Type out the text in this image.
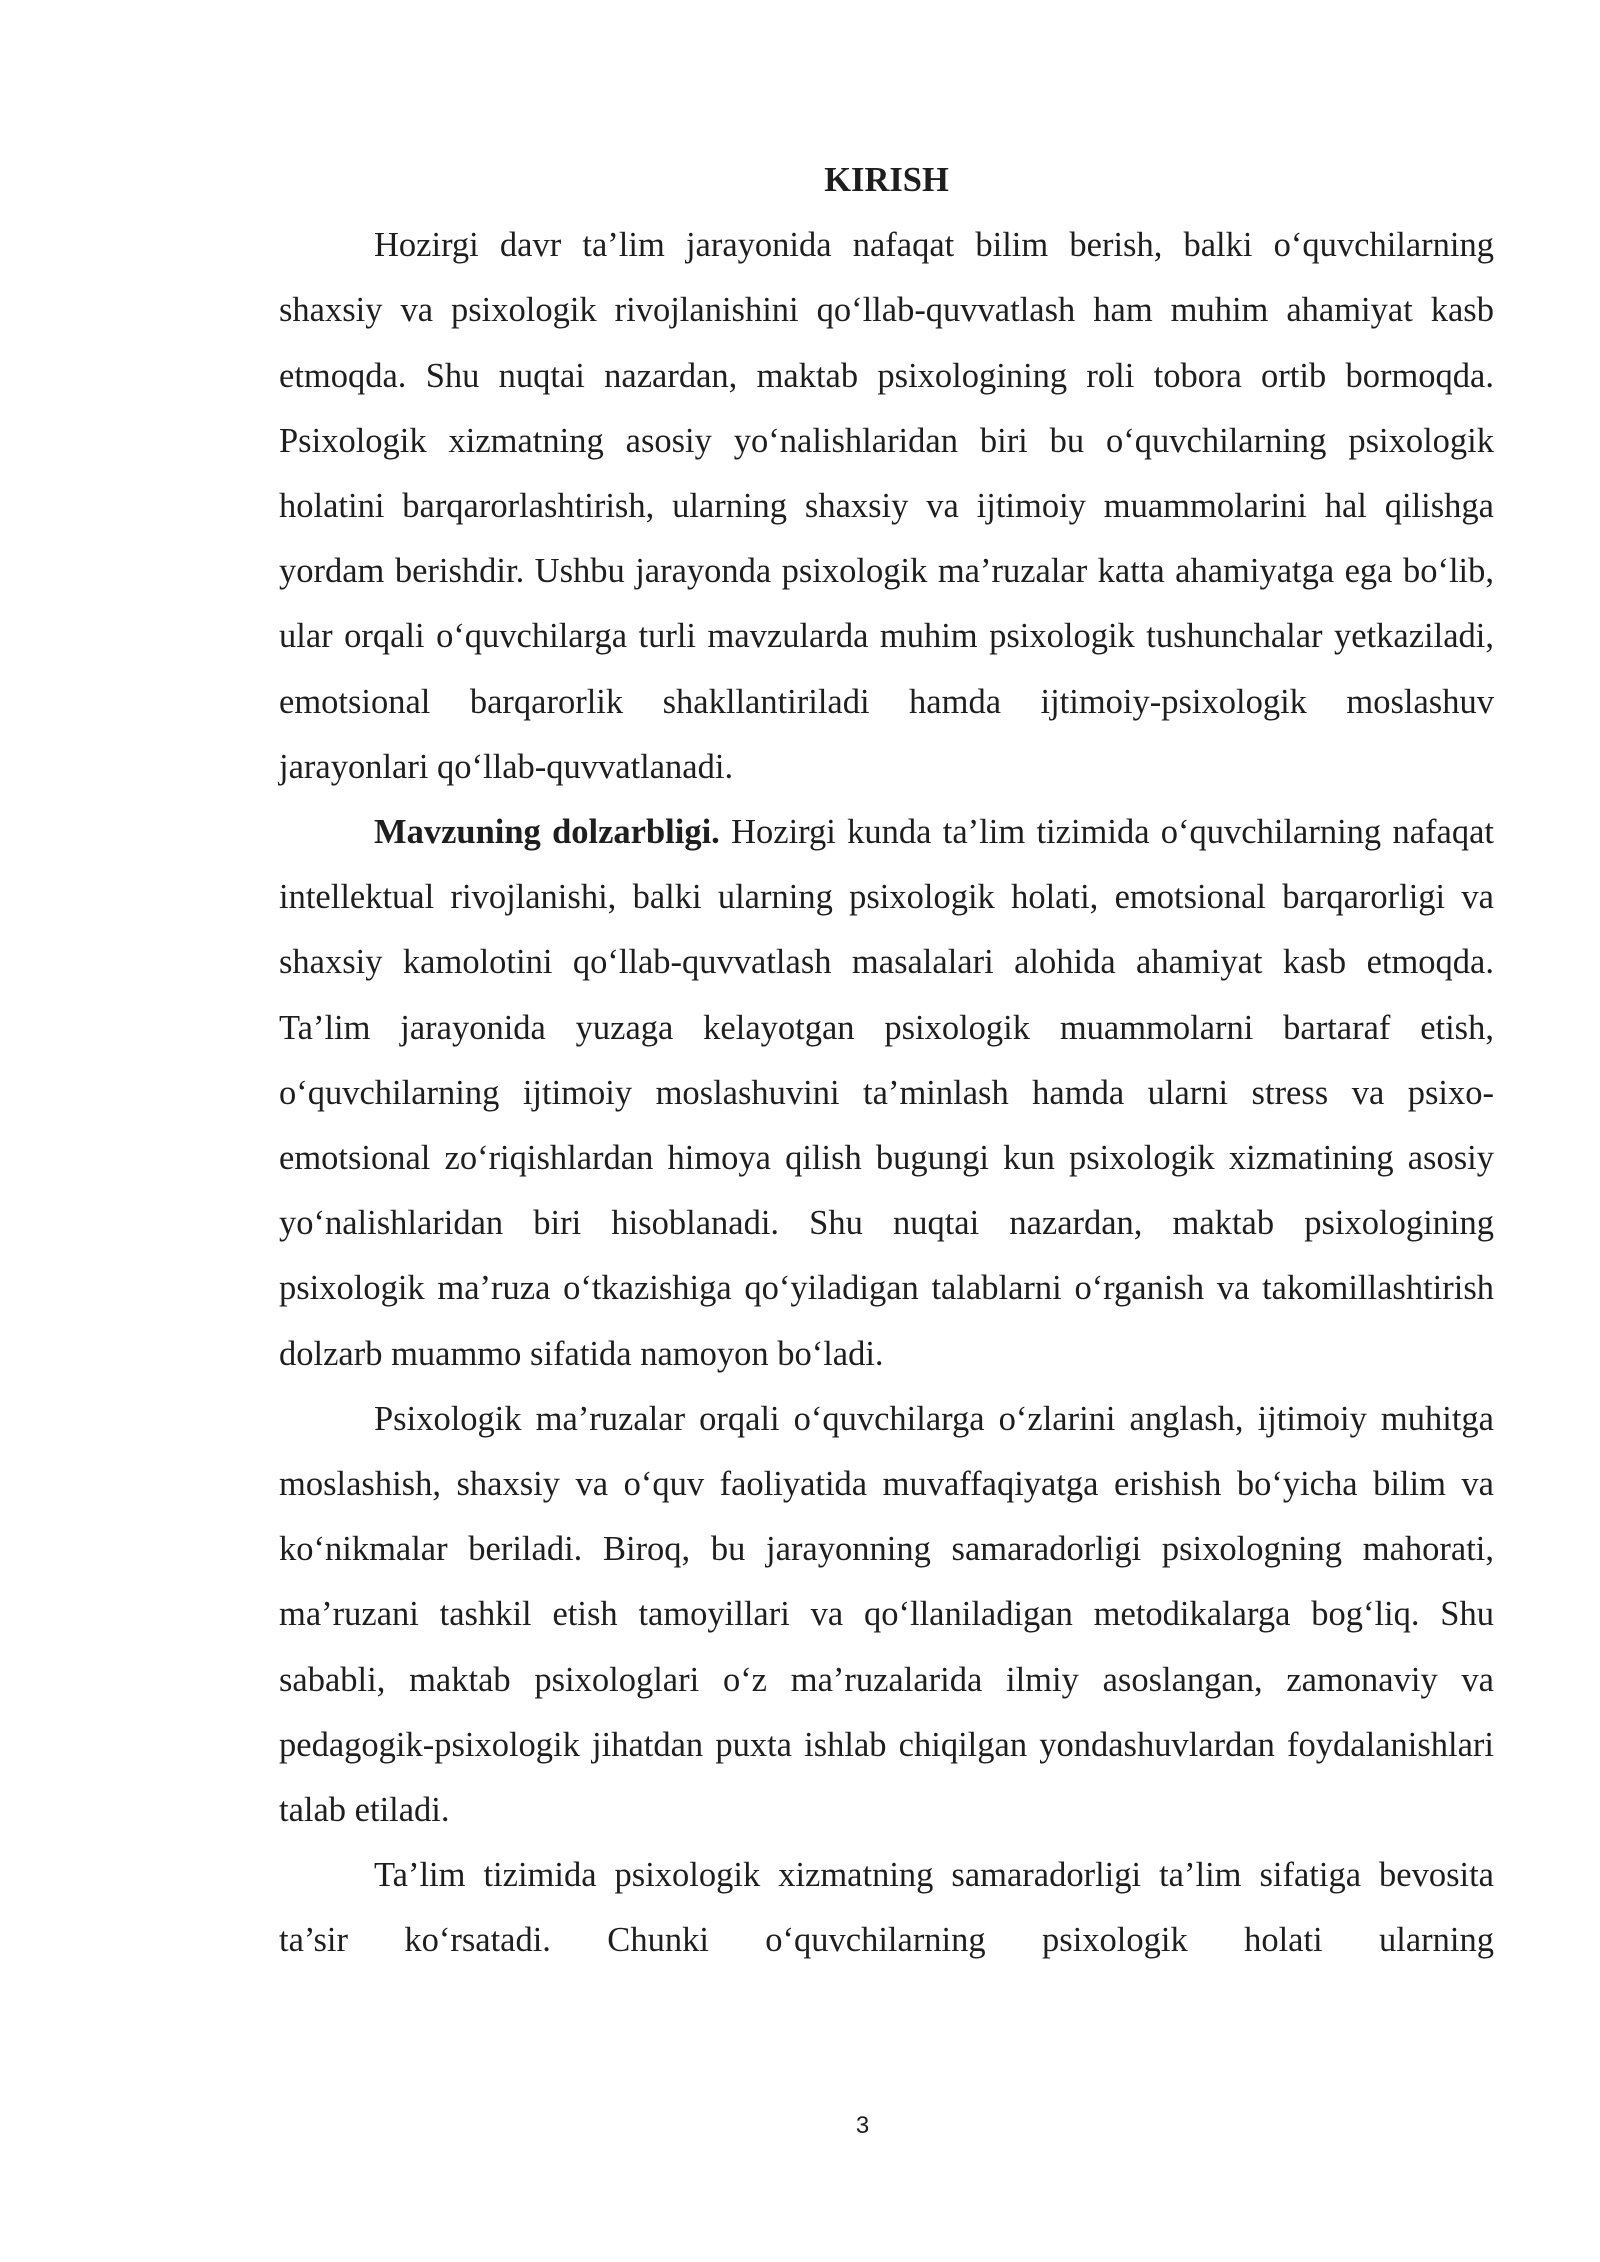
KIRISH

Hozirgi davr ta’lim jarayonida nafaqat bilim berish, balki o‘quvchilarning shaxsiy va psixologik rivojlanishini qo‘llab-quvvatlash ham muhim ahamiyat kasb etmoqda. Shu nuqtai nazardan, maktab psixologining roli tobora ortib bormoqda. Psixologik xizmatning asosiy yo‘nalishlaridan biri bu o‘quvchilarning psixologik holatini barqarorlashtirish, ularning shaxsiy va ijtimoiy muammolarini hal qilishga yordam berishdir. Ushbu jarayonda psixologik ma’ruzalar katta ahamiyatga ega bo‘lib, ular orqali o‘quvchilarga turli mavzularda muhim psixologik tushunchalar yetkaziladi, emotsional barqarorlik shakllantiriladi hamda ijtimoiy-psixologik moslashuv jarayonlari qo‘llab-quvvatlanadi.

Mavzuning dolzarbligi. Hozirgi kunda ta’lim tizimida o‘quvchilarning nafaqat intellektual rivojlanishi, balki ularning psixologik holati, emotsional barqarorligi va shaxsiy kamolotini qo‘llab-quvvatlash masalalari alohida ahamiyat kasb etmoqda. Ta’lim jarayonida yuzaga kelayotgan psixologik muammolarni bartaraf etish, o‘quvchilarning ijtimoiy moslashuvini ta’minlash hamda ularni stress va psixo-emotsional zo‘riqishlardan himoya qilish bugungi kun psixologik xizmatining asosiy yo‘nalishlaridan biri hisoblanadi. Shu nuqtai nazardan, maktab psixologining psixologik ma’ruza o‘tkazishiga qo‘yiladigan talablarni o‘rganish va takomillashtirish dolzarb muammo sifatida namoyon bo‘ladi.

Psixologik ma’ruzalar orqali o‘quvchilarga o‘zlarini anglash, ijtimoiy muhitga moslashish, shaxsiy va o‘quv faoliyatida muvaffaqiyatga erishish bo‘yicha bilim va ko‘nikmalar beriladi. Biroq, bu jarayonning samaradorligi psixologning mahorati, ma’ruzani tashkil etish tamoyillari va qo‘llaniladigan metodikalarga bog‘liq. Shu sababli, maktab psixologlari o‘z ma’ruzalarida ilmiy asoslangan, zamonaviy va pedagogik-psixologik jihatdan puxta ishlab chiqilgan yondashuvlardan foydalanishlari talab etiladi.

Ta’lim tizimida psixologik xizmatning samaradorligi ta’lim sifatiga bevosita ta’sir ko‘rsatadi. Chunki o‘quvchilarning psixologik holati ularning

3
